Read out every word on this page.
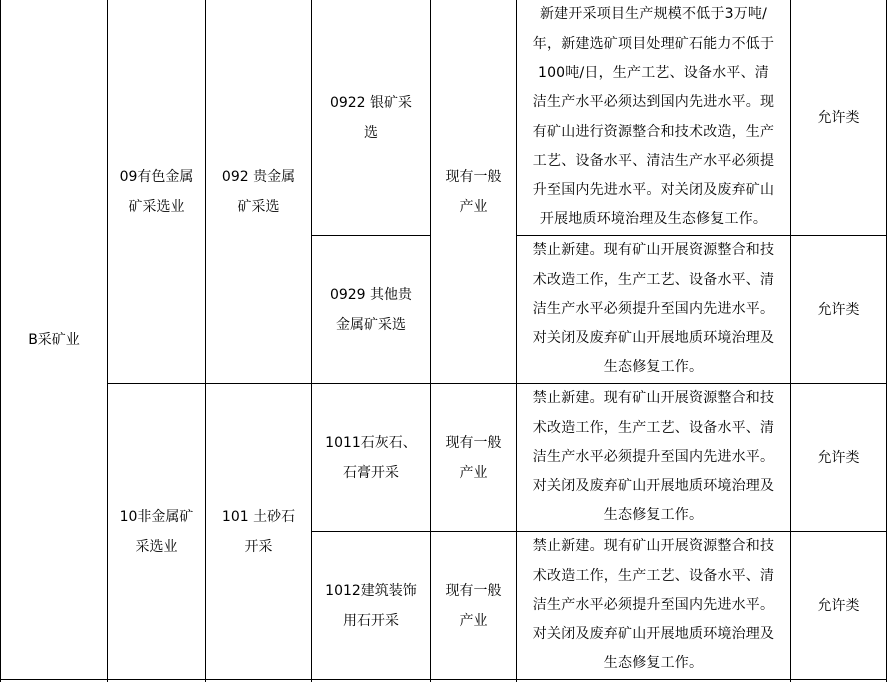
B采矿业
09有色金属
矿采选业
092 贵金属
矿采选
0922 银矿采
选
现有一般
产业
新建开采项目生产规模不低于3万吨/
年，新建选矿项目处理矿石能力不低于
100吨/日，生产工艺、设备水平、清
洁生产水平必须达到国内先进水平。现
有矿山进行资源整合和技术改造，生产
工艺、设备水平、清洁生产水平必须提
升至国内先进水平。对关闭及废弃矿山
开展地质环境治理及生态修复工作。
允许类
0929 其他贵
金属矿采选
禁止新建。现有矿山开展资源整合和技
术改造工作，生产工艺、设备水平、清
洁生产水平必须提升至国内先进水平。
对关闭及废弃矿山开展地质环境治理及
生态修复工作。
允许类
10非金属矿
采选业
101 土砂石
开采
1011石灰石、
石膏开采
现有一般
产业
禁止新建。现有矿山开展资源整合和技
术改造工作，生产工艺、设备水平、清
洁生产水平必须提升至国内先进水平。
对关闭及废弃矿山开展地质环境治理及
生态修复工作。
允许类
1012建筑装饰
用石开采
现有一般
产业
禁止新建。现有矿山开展资源整合和技
术改造工作，生产工艺、设备水平、清
洁生产水平必须提升至国内先进水平。
对关闭及废弃矿山开展地质环境治理及
生态修复工作。
允许类
